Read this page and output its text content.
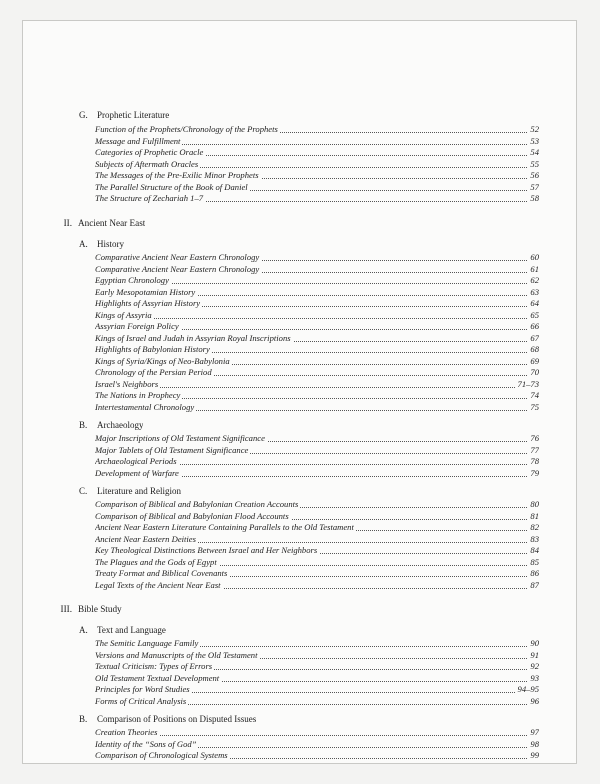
G. Prophetic Literature
Function of the Prophets/Chronology of the Prophets	52
Message and Fulfillment	53
Categories of Prophetic Oracle	54
Subjects of Aftermath Oracles	55
The Messages of the Pre-Exilic Minor Prophets	56
The Parallel Structure of the Book of Daniel	57
The Structure of Zechariah 1–7	58
II. Ancient Near East
A. History
Comparative Ancient Near Eastern Chronology	60
Comparative Ancient Near Eastern Chronology	61
Egyptian Chronology	62
Early Mesopotamian History	63
Highlights of Assyrian History	64
Kings of Assyria	65
Assyrian Foreign Policy	66
Kings of Israel and Judah in Assyrian Royal Inscriptions	67
Highlights of Babylonian History	68
Kings of Syria/Kings of Neo-Babylonia	69
Chronology of the Persian Period	70
Israel's Neighbors	71–73
The Nations in Prophecy	74
Intertestamental Chronology	75
B. Archaeology
Major Inscriptions of Old Testament Significance	76
Major Tablets of Old Testament Significance	77
Archaeological Periods	78
Development of Warfare	79
C. Literature and Religion
Comparison of Biblical and Babylonian Creation Accounts	80
Comparison of Biblical and Babylonian Flood Accounts	81
Ancient Near Eastern Literature Containing Parallels to the Old Testament	82
Ancient Near Eastern Deities	83
Key Theological Distinctions Between Israel and Her Neighbors	84
The Plagues and the Gods of Egypt	85
Treaty Format and Biblical Covenants	86
Legal Texts of the Ancient Near East	87
III. Bible Study
A. Text and Language
The Semitic Language Family	90
Versions and Manuscripts of the Old Testament	91
Textual Criticism: Types of Errors	92
Old Testament Textual Development	93
Principles for Word Studies	94–95
Forms of Critical Analysis	96
B. Comparison of Positions on Disputed Issues
Creation Theories	97
Identity of the “Sons of God”	98
Comparison of Chronological Systems	99
